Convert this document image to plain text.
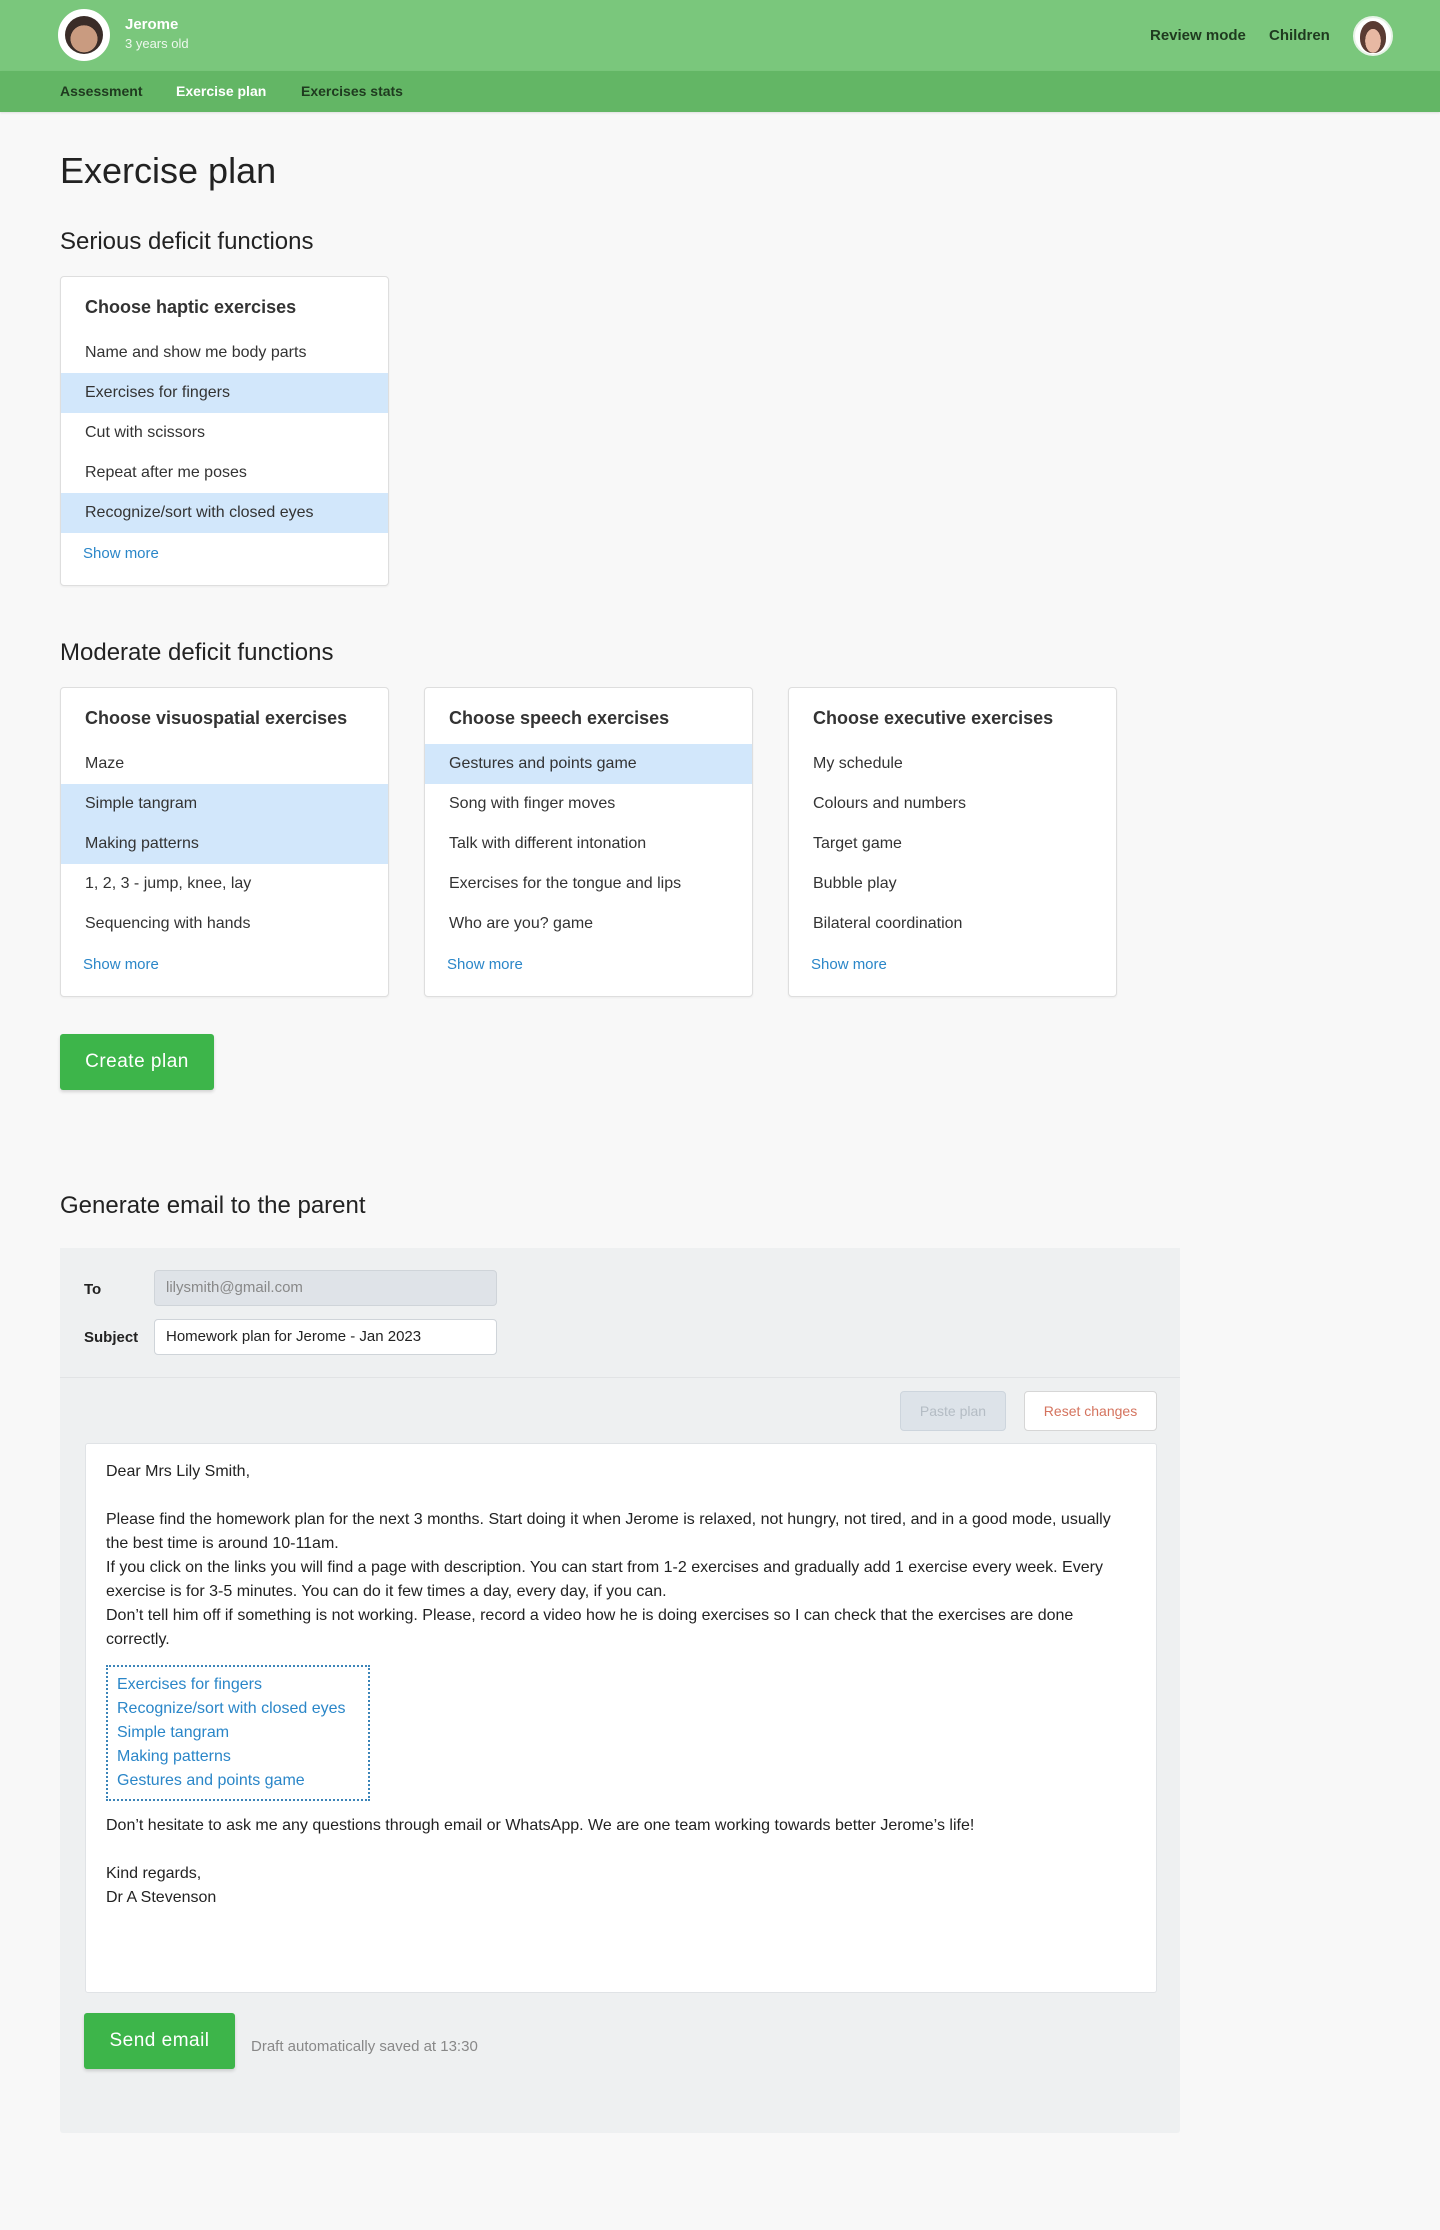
Jerome
3 years old	Review mode Children
Assessment Exercise plan Exercises stats
Exercise plan
Serious deficit functions
Choose haptic exercises
Name and show me body parts
Exercises for fingers
Cut with scissors
Repeat after me poses
Recognize/sort with closed eyes
Show more
Moderate deficit functions
Choose visuospatial exercises
Maze
Simple tangram
Making patterns
1, 2, 3 - jump, knee, lay
Sequencing with hands
Show more
Choose speech exercises
Gestures and points game
Song with finger moves
Talk with different intonation
Exercises for the tongue and lips
Who are you? game
Show more
Choose executive exercises
My schedule
Colours and numbers
Target game
Bubble play
Bilateral coordination
Show more
Create plan
Generate email to the parent
To	lilysmith@gmail.com
Subject	Homework plan for Jerome - Jan 2023
Paste plan	Reset changes

Dear Mrs Lily Smith,

Please find the homework plan for the next 3 months. Start doing it when Jerome is relaxed, not hungry, not tired, and in a good mode, usually the best time is around 10-11am.

If you click on the links you will find a page with description. You can start from 1-2 exercises and gradually add 1 exercise every week. Every exercise is for 3-5 minutes. You can do it few times a day, every day, if you can.

Don’t tell him off if something is not working. Please, record a video how he is doing exercises so I can check that the exercises are done correctly.

Exercises for fingers
Recognize/sort with closed eyes
Simple tangram
Making patterns
Gestures and points game

Don’t hesitate to ask me any questions through email or WhatsApp. We are one team working towards better Jerome’s life!

Kind regards,

Dr A Stevenson

Send email	Draft automatically saved at 13:30
